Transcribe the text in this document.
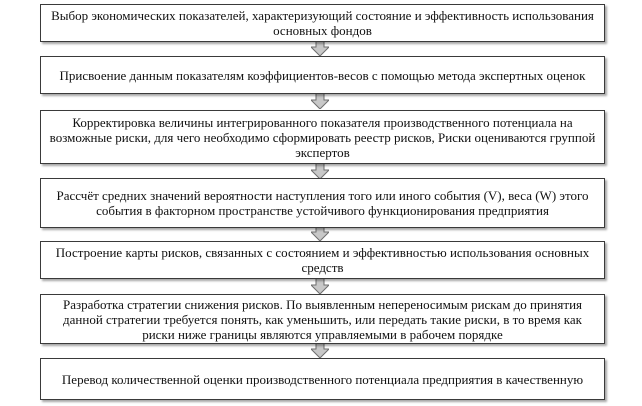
Выбор экономических показателей, характеризующий состояние и эффективность использования основных фондов
Присвоение данным показателям коэффициентов-весов с помощью метода экспертных оценок
Корректировка величины интегрированного показателя производственного потенциала на возможные риски, для чего необходимо сформировать реестр рисков, Риски оцениваются группой экспертов
Рассчёт средних значений вероятности наступления того или иного события (V), веса (W) этого события в факторном пространстве устойчивого функционирования предприятия
Построение карты рисков, связанных с состоянием и эффективностью использования основных средств
Разработка стратегии снижения рисков. По выявленным непереносимым рискам до принятия данной стратегии требуется понять, как уменьшить, или передать такие риски, в то время как риски ниже границы являются управляемыми в рабочем порядке
Перевод количественной оценки производственного потенциала предприятия в качественную
